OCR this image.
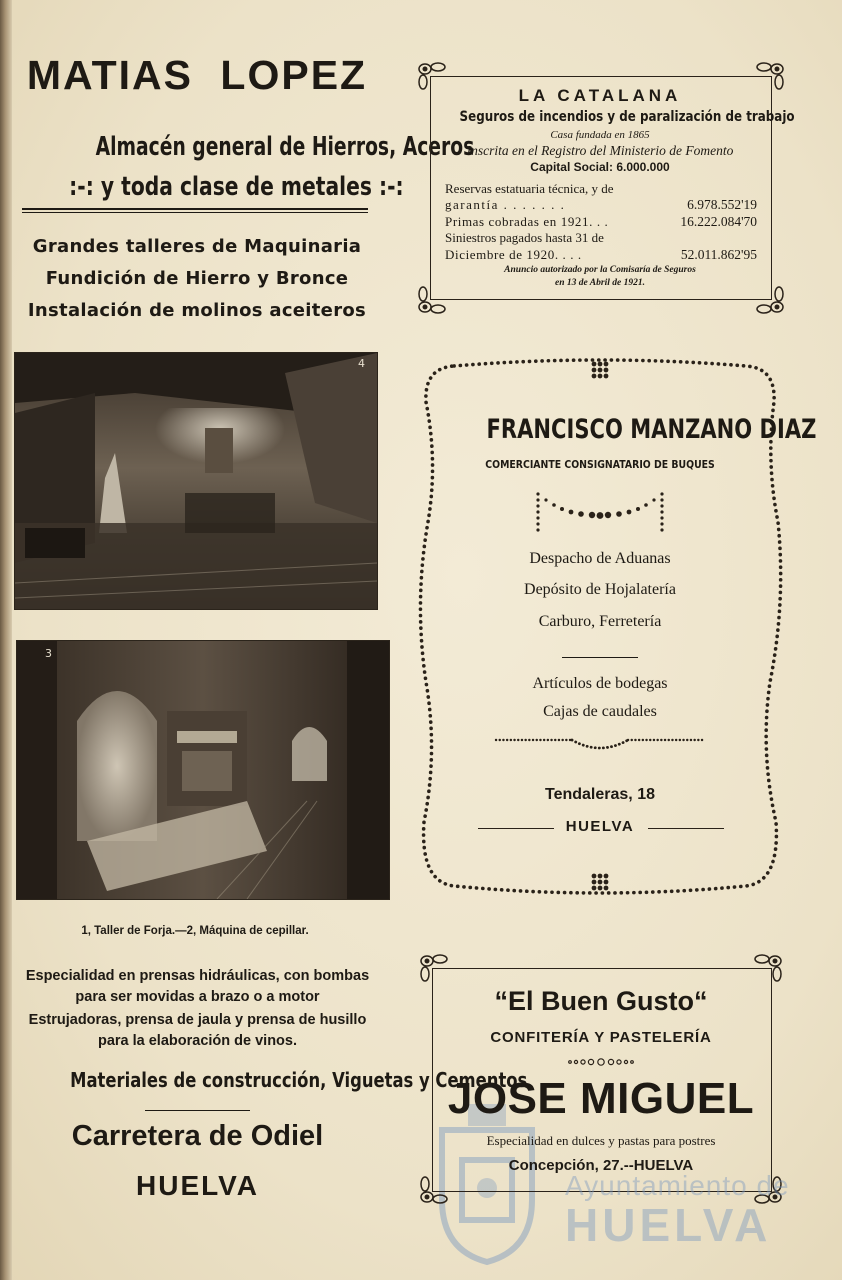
MATIAS LOPEZ
Almacén general de Hierros, Aceros
:-: y toda clase de metales :-:
Grandes talleres de Maquinaria
Fundición de Hierro y Bronce
Instalación de molinos aceiteros
4
3
1, Taller de Forja.—2, Máquina de cepillar.
Especialidad en prensas hidráulicas, con bombas
para ser movidas a brazo o a motor
Estrujadoras, prensa de jaula y prensa de husillo
para la elaboración de vinos.
Materiales de construcción, Viguetas y Cementos
Carretera de Odiel
HUELVA
LA CATALANA
Seguros de incendios y de paralización de trabajo
Casa fundada en 1865
Inscrita en el Registro del Ministerio de Fomento
Capital Social: 6.000.000
Reservas estatuaria técnica, y de
garantía . . . . . . .	6.978.552'19
Primas cobradas en 1921. . .	16.222.084'70
Siniestros pagados hasta 31 de
Diciembre de 1920. . . .	52.011.862'95
Anuncio autorizado por la Comisaría de Seguros
en 13 de Abril de 1921.
FRANCISCO MANZANO DIAZ
COMERCIANTE CONSIGNATARIO DE BUQUES
Despacho de Aduanas
Depósito de Hojalatería
Carburo, Ferretería
Artículos de bodegas
Cajas de caudales
Tendaleras, 18
HUELVA
“El Buen Gusto“
CONFITERÍA Y PASTELERÍA
JOSE MIGUEL
Especialidad en dulces y pastas para postres
Concepción, 27.--HUELVA
Ayuntamiento de
HUELVA
